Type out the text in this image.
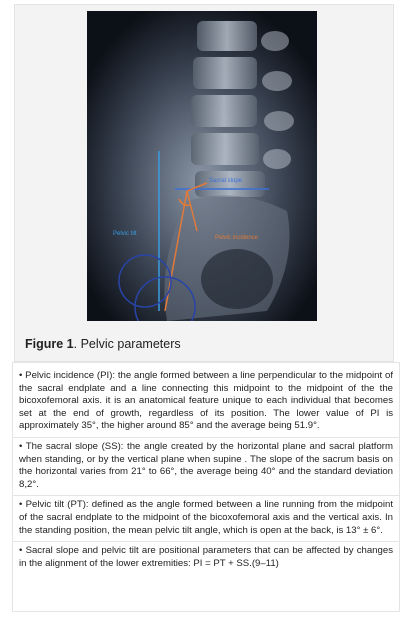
Sacral slope
Pelvic tilt
Pelvic incidence

Figure 1. Pelvic parameters

• Pelvic incidence (PI): the angle formed between a line perpendicular to the midpoint of the sacral endplate and a line connecting this midpoint to the midpoint of the the bicoxofemoral axis. it is an anatomical feature unique to each individual that becomes set at the end of growth, regardless of its position. The lower value of PI is approximately 35°, the higher around 85° and the average being 51.9°.

• The sacral slope (SS): the angle created by the horizontal plane and sacral platform when standing, or by the vertical plane when supine . The slope of the sacrum basis on the horizontal varies from 21° to 66°, the average being 40° and the standard deviation 8,2°.

• Pelvic tilt (PT): defined as the angle formed between a line running from the midpoint of the sacral endplate to the midpoint of the bicoxofemoral axis and the vertical axis. In the standing position, the mean pelvic tilt angle, which is open at the back, is 13° ± 6°.

• Sacral slope and pelvic tilt are positional parameters that can be affected by changes in the alignment of the lower extremities: PI = PT + SS.(9–11)
